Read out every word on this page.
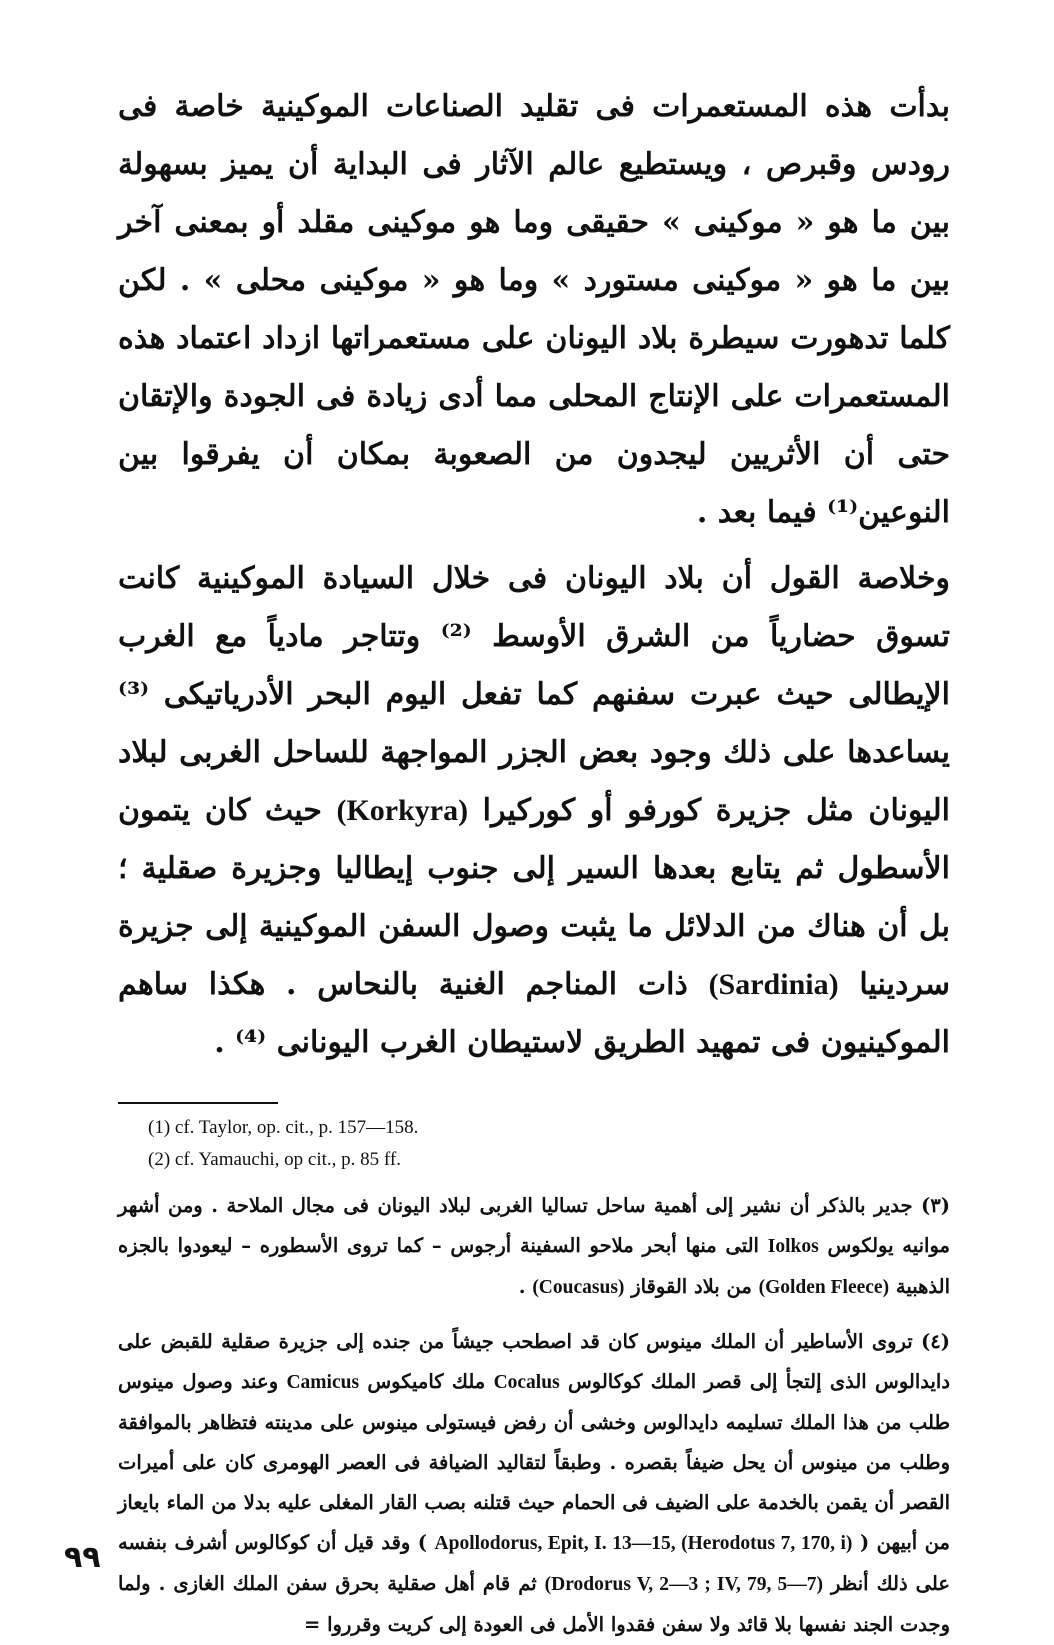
بدأت هذه المستعمرات فى تقليد الصناعات الموكينية خاصة فى رودس وقبرص ، ويستطيع عالم الآثار فى البداية أن يميز بسهولة بين ما هو « موكينى » حقيقى وما هو موكينى مقلد أو بمعنى آخر بين ما هو « موكينى مستورد » وما هو « موكينى محلى » . لكن كلما تدهورت سيطرة بلاد اليونان على مستعمراتها ازداد اعتماد هذه المستعمرات على الإنتاج المحلى مما أدى زيادة فى الجودة والإتقان حتى أن الأثريين ليجدون من الصعوبة بمكان أن يفرقوا بين النوعين⁽¹⁾ فيما بعد .

وخلاصة القول أن بلاد اليونان فى خلال السيادة الموكينية كانت تسوق حضارياً من الشرق الأوسط ⁽²⁾ وتتاجر مادياً مع الغرب الإيطالى حيث عبرت سفنهم كما تفعل اليوم البحر الأدرياتيكى ⁽³⁾ يساعدها على ذلك وجود بعض الجزر المواجهة للساحل الغربى لبلاد اليونان مثل جزيرة كورفو أو كوركيرا (Korkyra) حيث كان يتمون الأسطول ثم يتابع بعدها السير إلى جنوب إيطاليا وجزيرة صقلية ؛ بل أن هناك من الدلائل ما يثبت وصول السفن الموكينية إلى جزيرة سردينيا (Sardinia) ذات المناجم الغنية بالنحاس . هكذا ساهم الموكينيون فى تمهيد الطريق لاستيطان الغرب اليونانى ⁽⁴⁾ .

(1) cf. Taylor, op. cit., p. 157—158.
(2) cf. Yamauchi, op cit., p. 85 ff.

(٣) جدير بالذكر أن نشير إلى أهمية ساحل تساليا الغربى لبلاد اليونان فى مجال الملاحة . ومن أشهر موانيه يولكوس Iolkos التى منها أبحر ملاحو السفينة أرجوس – كما تروى الأسطوره – ليعودوا بالجزه الذهبية (Golden Fleece) من بلاد القوقاز (Coucasus) .

(٤) تروى الأساطير أن الملك مينوس كان قد اصطحب جيشاً من جنده إلى جزيرة صقلية للقبض على دايدالوس الذى إلتجأ إلى قصر الملك كوكالوس Cocalus ملك كاميكوس Camicus وعند وصول مينوس طلب من هذا الملك تسليمه دايدالوس وخشى أن رفض فيستولى مينوس على مدينته فتظاهر بالموافقة وطلب من مينوس أن يحل ضيفاً بقصره . وطبقاً لتقاليد الضيافة فى العصر الهومرى كان على أميرات القصر أن يقمن بالخدمة على الضيف فى الحمام حيث قتلنه بصب القار المغلى عليه بدلا من الماء بايعاز من أبيهن ( Apollodorus, Epit, I. 13—15, (Herodotus 7, 170, i) ) وقد قيل أن كوكالوس أشرف بنفسه على ذلك أنظر (Drodorus V, 2—3 ; IV, 79, 5—7) ثم قام أهل صقلية بحرق سفن الملك الغازى . ولما وجدت الجند نفسها بلا قائد ولا سفن فقدوا الأمل فى العودة إلى كريت وقرروا =

٩٩
